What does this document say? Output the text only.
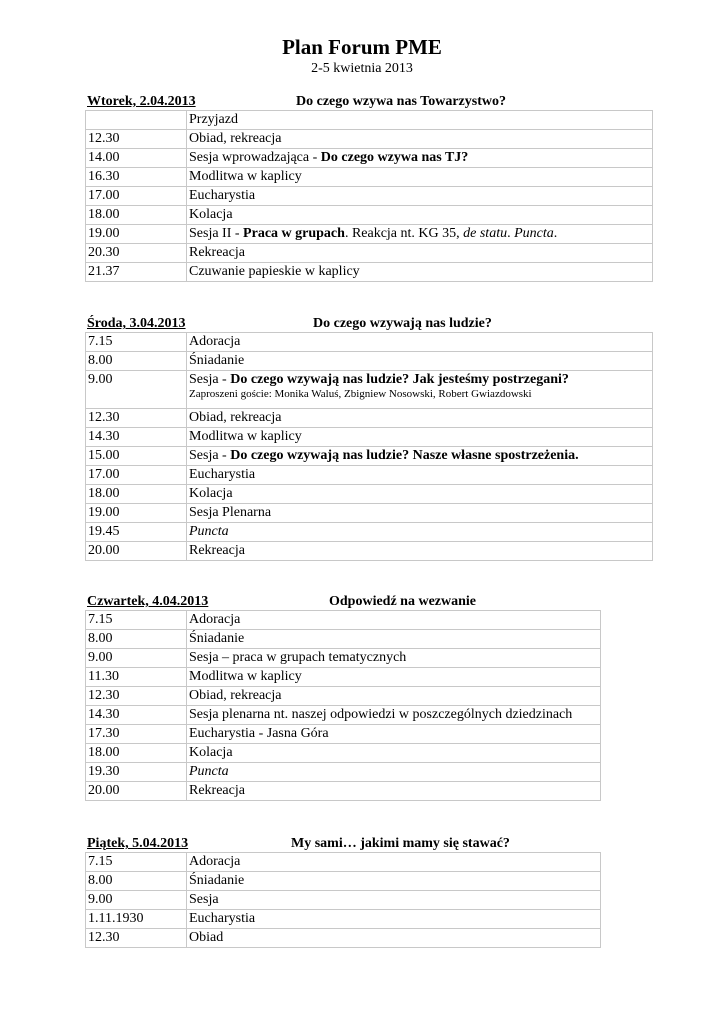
Plan Forum PME
2-5 kwietnia 2013
Wtorek, 2.04.2013	Do czego wzywa nas Towarzystwo?
	Przyjazd
12.30	Obiad, rekreacja
14.00	Sesja wprowadzająca - Do czego wzywa nas TJ?
16.30	Modlitwa w kaplicy
17.00	Eucharystia
18.00	Kolacja
19.00	Sesja II - Praca w grupach. Reakcja nt. KG 35, de statu. Puncta.
20.30	Rekreacja
21.37	Czuwanie papieskie w kaplicy
Środa, 3.04.2013	Do czego wzywają nas ludzie?
7.15	Adoracja
8.00	Śniadanie
9.00	Sesja - Do czego wzywają nas ludzie? Jak jesteśmy postrzegani?
Zaproszeni goście: Monika Waluś, Zbigniew Nosowski, Robert Gwiazdowski

12.30	Obiad, rekreacja
14.30	Modlitwa w kaplicy
15.00	Sesja - Do czego wzywają nas ludzie? Nasze własne spostrzeżenia.
17.00	Eucharystia
18.00	Kolacja
19.00	Sesja Plenarna
19.45	Puncta
20.00	Rekreacja
Czwartek, 4.04.2013	Odpowiedź na wezwanie
7.15	Adoracja
8.00	Śniadanie
9.00	Sesja – praca w grupach tematycznych
11.30	Modlitwa w kaplicy
12.30	Obiad, rekreacja
14.30	Sesja plenarna nt. naszej odpowiedzi w poszczególnych dziedzinach
17.30	Eucharystia - Jasna Góra
18.00	Kolacja
19.30	Puncta
20.00	Rekreacja
Piątek, 5.04.2013	My sami… jakimi mamy się stawać?
7.15	Adoracja
8.00	Śniadanie
9.00	Sesja
1.11.1930	Eucharystia
12.30	Obiad
